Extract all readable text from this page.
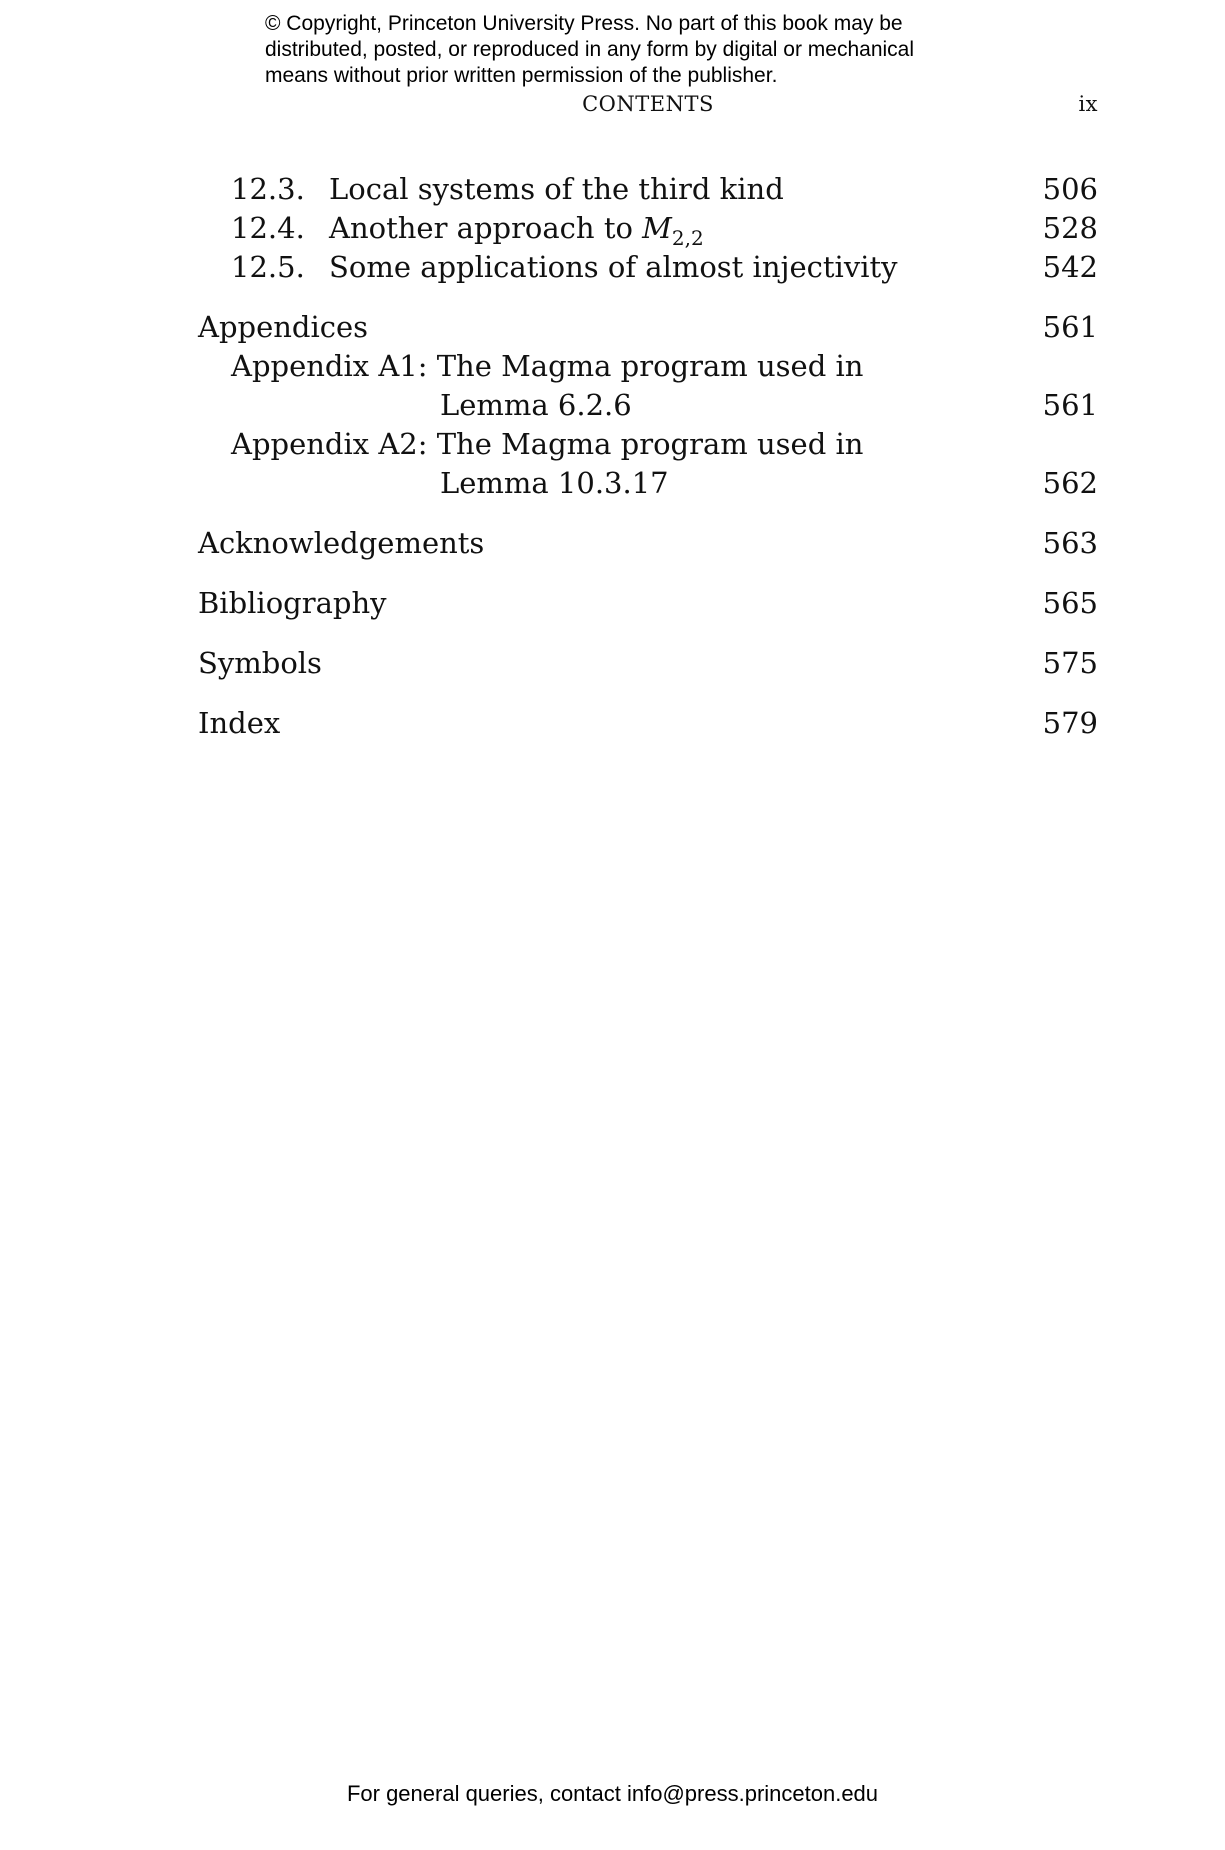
© Copyright, Princeton University Press. No part of this book may be
distributed, posted, or reproduced in any form by digital or mechanical
means without prior written permission of the publisher.
CONTENTS	ix
12.3. Local systems of the third kind	506
12.4. Another approach to $M_{2,2}$	528
12.5. Some applications of almost injectivity	542
Appendices	561
Appendix A1: The Magma program used in
Lemma 6.2.6	561
Appendix A2: The Magma program used in
Lemma 10.3.17	562
Acknowledgements	563
Bibliography	565
Symbols	575
Index	579
For general queries, contact info@press.princeton.edu
